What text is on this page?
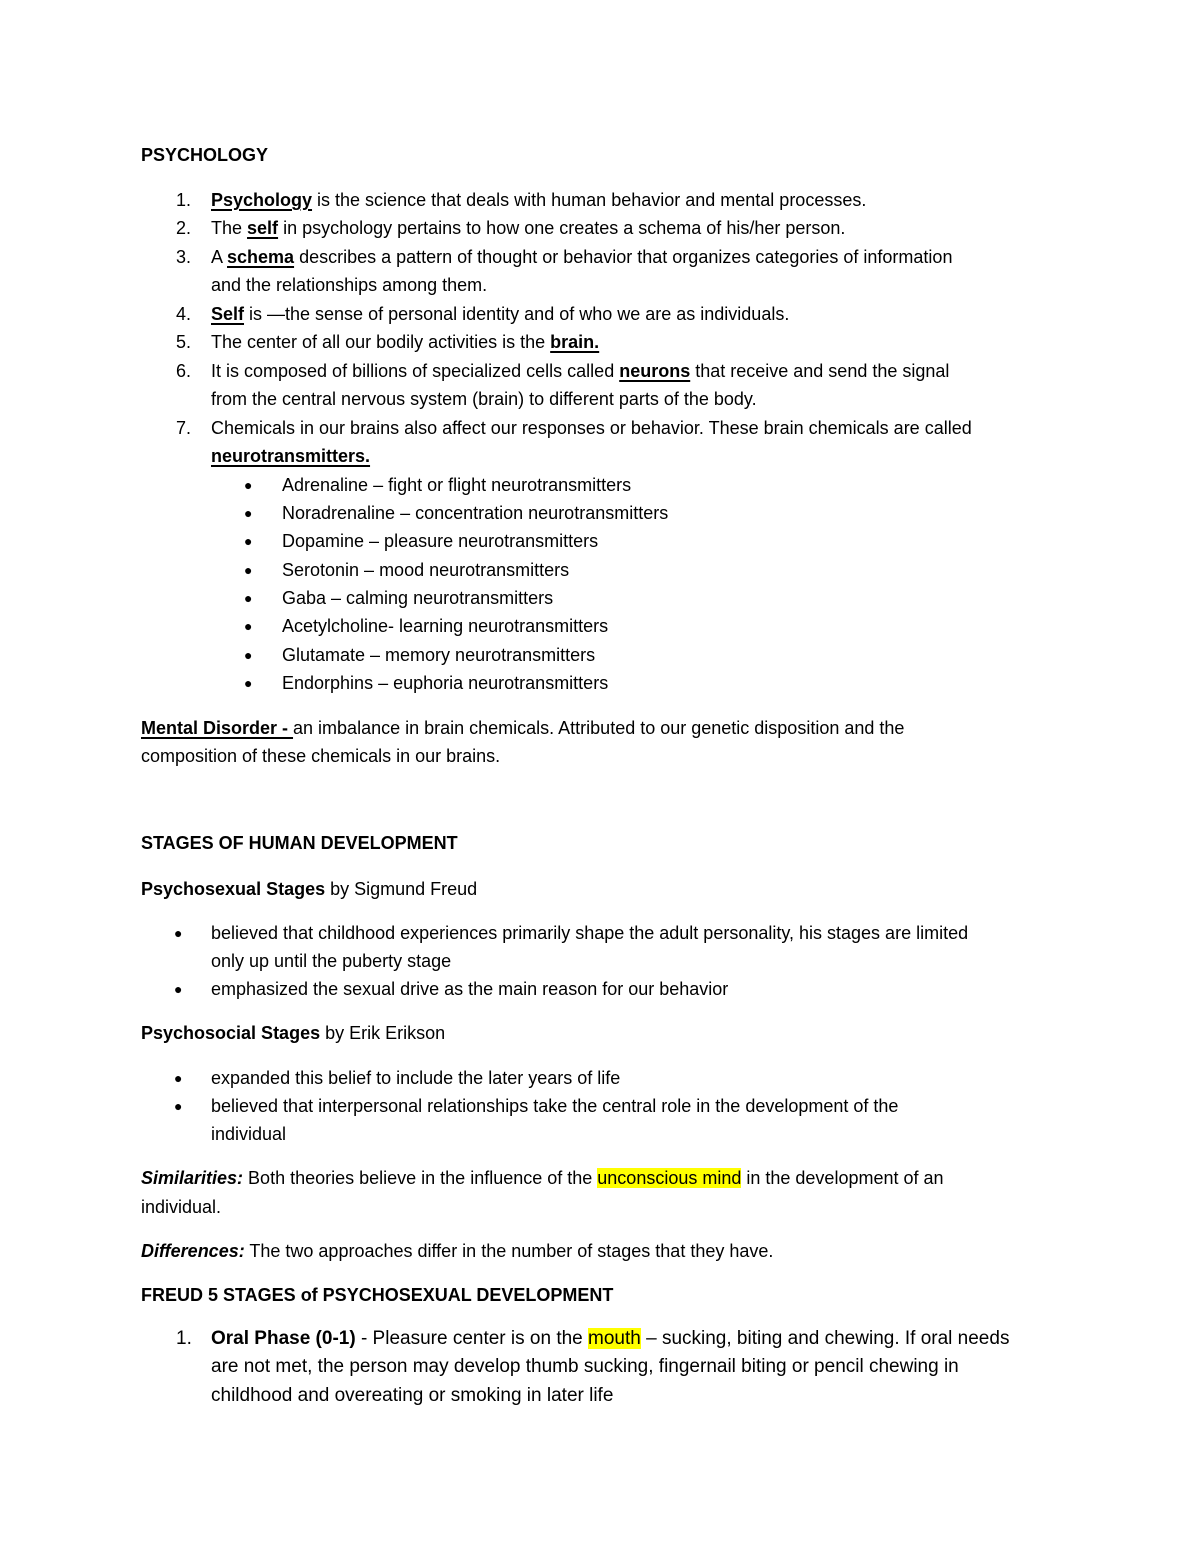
PSYCHOLOGY
1.	Psychology is the science that deals with human behavior and mental processes.
2.	The self in psychology pertains to how one creates a schema of his/her person.
3.	A schema describes a pattern of thought or behavior that organizes categories of information
and the relationships among them.
4.	Self is —the sense of personal identity and of who we are as individuals.
5.	The center of all our bodily activities is the brain.
6.	It is composed of billions of specialized cells called neurons that receive and send the signal
from the central nervous system (brain) to different parts of the body.
7.	Chemicals in our brains also affect our responses or behavior. These brain chemicals are called
neurotransmitters.
● Adrenaline – fight or flight neurotransmitters
● Noradrenaline – concentration neurotransmitters
● Dopamine – pleasure neurotransmitters
● Serotonin – mood neurotransmitters
● Gaba – calming neurotransmitters
● Acetylcholine- learning neurotransmitters
● Glutamate – memory neurotransmitters
● Endorphins – euphoria neurotransmitters
Mental Disorder - an imbalance in brain chemicals. Attributed to our genetic disposition and the
composition of these chemicals in our brains.
STAGES OF HUMAN DEVELOPMENT
Psychosexual Stages by Sigmund Freud
● believed that childhood experiences primarily shape the adult personality, his stages are limited
only up until the puberty stage
● emphasized the sexual drive as the main reason for our behavior
Psychosocial Stages by Erik Erikson
● expanded this belief to include the later years of life
● believed that interpersonal relationships take the central role in the development of the
individual
Similarities: Both theories believe in the influence of the unconscious mind in the development of an
individual.
Differences: The two approaches differ in the number of stages that they have.
FREUD 5 STAGES of PSYCHOSEXUAL DEVELOPMENT
1.	Oral Phase (0-1) - Pleasure center is on the mouth – sucking, biting and chewing. If oral needs
are not met, the person may develop thumb sucking, fingernail biting or pencil chewing in
childhood and overeating or smoking in later life
